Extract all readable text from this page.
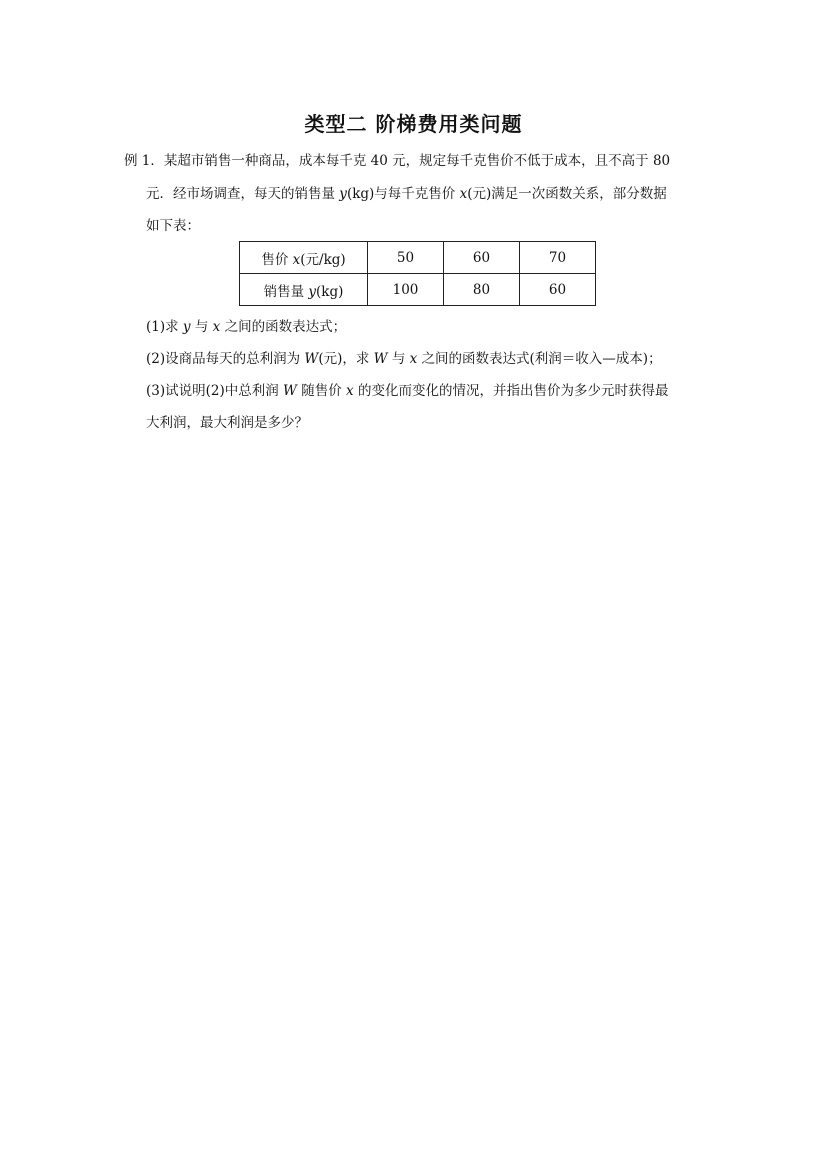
类型二 阶梯费用类问题
例 1．某超市销售一种商品，成本每千克 40 元，规定每千克售价不低于成本，且不高于 80
元．经市场调查，每天的销售量 y(kg)与每千克售价 x(元)满足一次函数关系，部分数据
如下表：
售价 x(元/kg)	50	60	70
销售量 y(kg)	100	80	60
(1)求 y 与 x 之间的函数表达式；
(2)设商品每天的总利润为 W(元)，求 W 与 x 之间的函数表达式(利润＝收入—成本)；
(3)试说明(2)中总利润 W 随售价 x 的变化而变化的情况，并指出售价为多少元时获得最
大利润，最大利润是多少？
